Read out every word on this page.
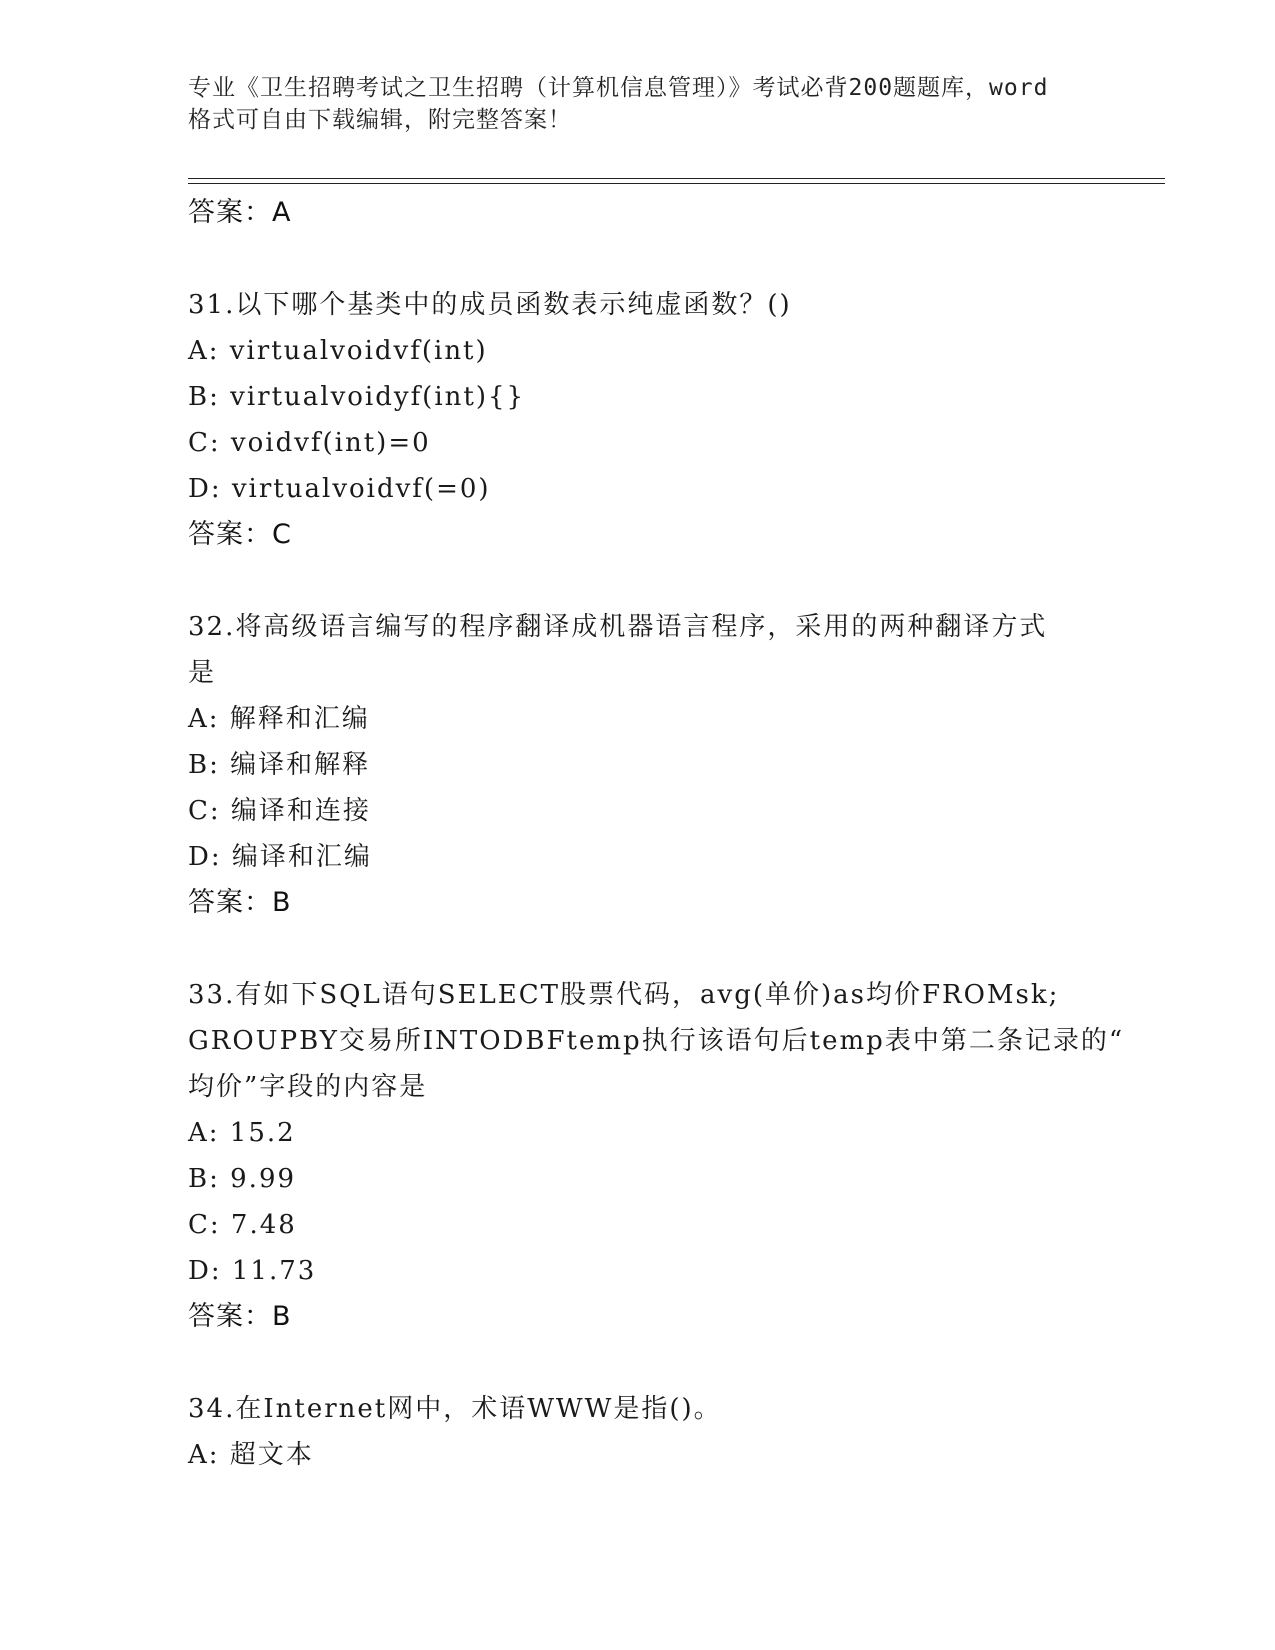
专业《卫生招聘考试之卫生招聘（计算机信息管理）》考试必背200题题库，word
格式可自由下载编辑，附完整答案！
答案：A
31.以下哪个基类中的成员函数表示纯虚函数？()
A: virtualvoidvf(int)
B: virtualvoidyf(int){}
C: voidvf(int)=0
D: virtualvoidvf(=0)
答案：C
32.将高级语言编写的程序翻译成机器语言程序，采用的两种翻译方式
是
A: 解释和汇编
B: 编译和解释
C: 编译和连接
D: 编译和汇编
答案：B
33.有如下SQL语句SELECT股票代码，avg(单价)as均价FROMsk;
GROUPBY交易所INTODBFtemp执行该语句后temp表中第二条记录的“
均价”字段的内容是
A: 15.2
B: 9.99
C: 7.48
D: 11.73
答案：B
34.在Internet网中，术语WWW是指()。
A: 超文本
